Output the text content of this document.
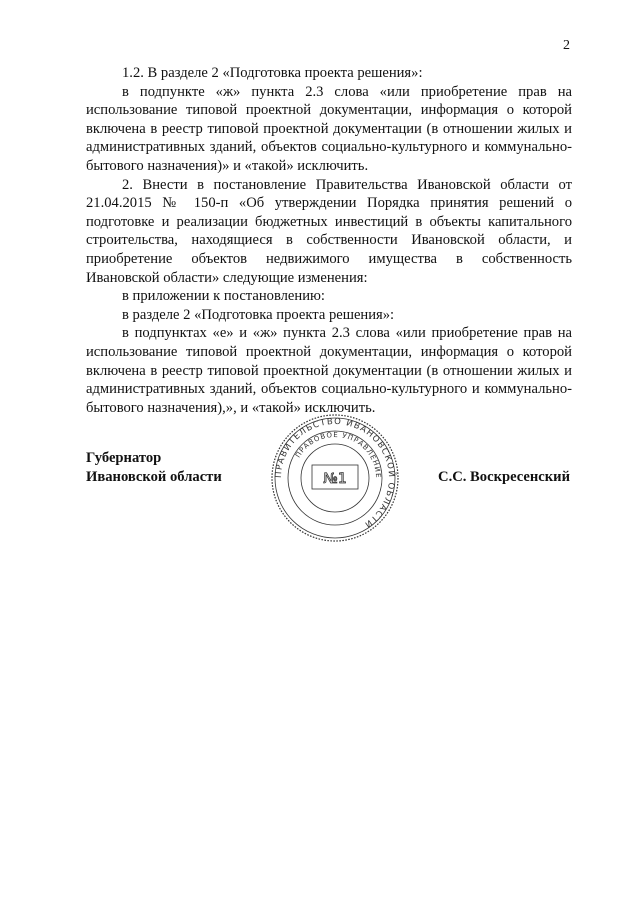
2

1.2. В разделе 2 «Подготовка проекта решения»:

в подпункте «ж» пункта 2.3 слова «или приобретение прав на использование типовой проектной документации, информация о которой включена в реестр типовой проектной документации (в отношении жилых и административных зданий, объектов социально-культурного и коммунально-бытового назначения)» и «такой» исключить.

2. Внести в постановление Правительства Ивановской области от 21.04.2015 № 150-п «Об утверждении Порядка принятия решений о подготовке и реализации бюджетных инвестиций в объекты капитального строительства, находящиеся в собственности Ивановской области, и приобретение объектов недвижимого имущества в собственность Ивановской области» следующие изменения:

в приложении к постановлению:

в разделе 2 «Подготовка проекта решения»:

в подпунктах «е» и «ж» пункта 2.3 слова «или приобретение прав на использование типовой проектной документации, информация о которой включена в реестр типовой проектной документации (в отношении жилых и административных зданий, объектов социально-культурного и коммунально-бытового назначения),», и «такой» исключить.

Губернатор
Ивановской области	С.С. Воскресенский
ПРАВИТЕЛЬСТВО ИВАНОВСКОЙ ОБЛАСТИ
ПРАВОВОЕ УПРАВЛЕНИЕ
№1
